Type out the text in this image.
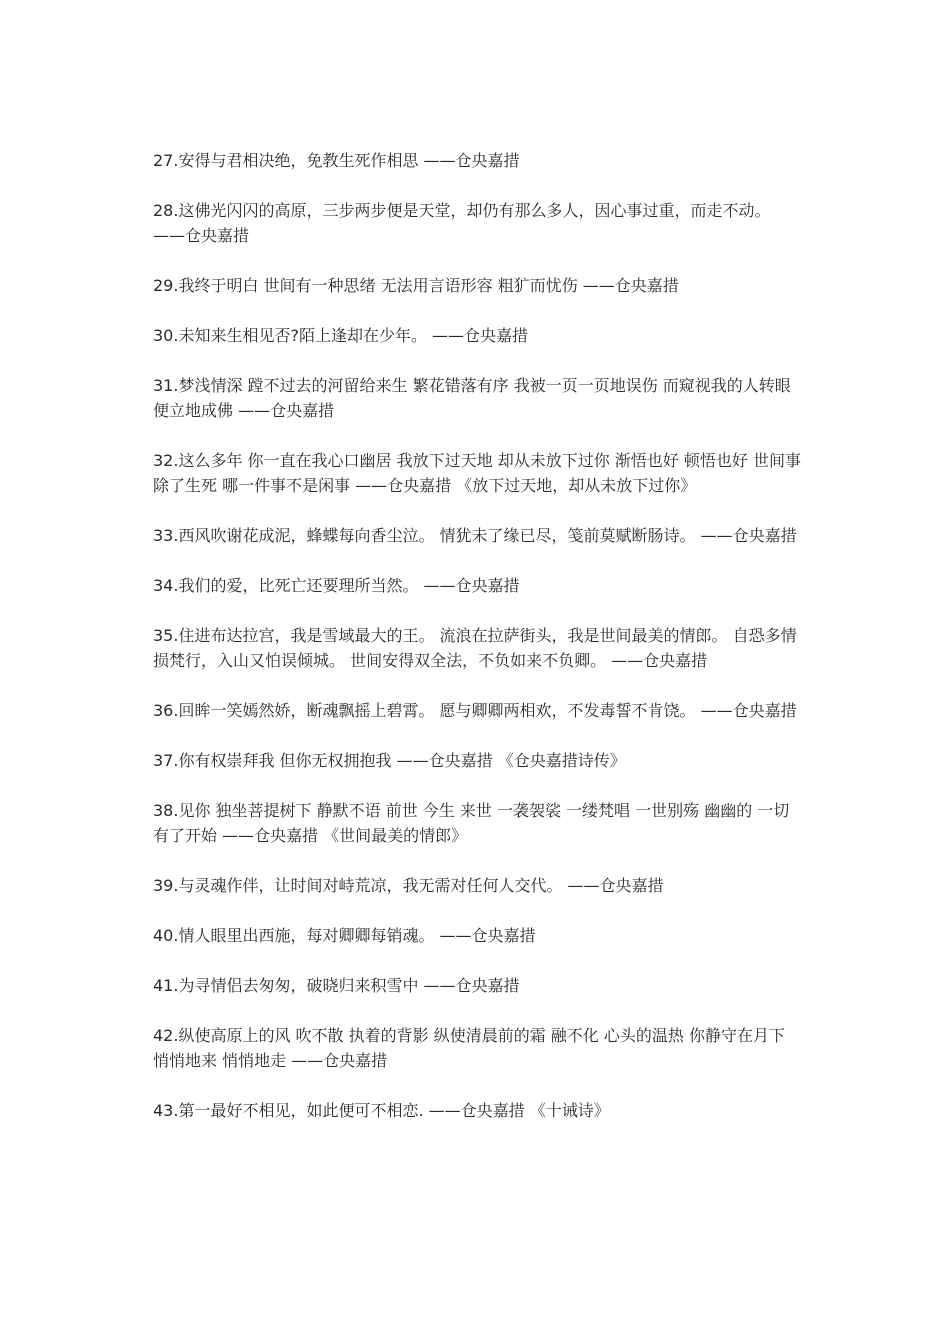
27.安得与君相决绝，免教生死作相思 ——仓央嘉措

28.这佛光闪闪的高原，三步两步便是天堂，却仍有那么多人，因心事过重，而走不动。 ——仓央嘉措

29.我终于明白 世间有一种思绪 无法用言语形容 粗犷而忧伤 ——仓央嘉措

30.未知来生相见否?陌上逢却在少年。 ——仓央嘉措

31.梦浅情深 蹚不过去的河留给来生 繁花错落有序 我被一页一页地误伤 而窥视我的人转眼便立地成佛 ——仓央嘉措

32.这么多年 你一直在我心口幽居 我放下过天地 却从未放下过你 渐悟也好 顿悟也好 世间事除了生死 哪一件事不是闲事 ——仓央嘉措 《放下过天地，却从未放下过你》

33.西风吹谢花成泥，蜂蝶每向香尘泣。 情犹未了缘已尽，笺前莫赋断肠诗。 ——仓央嘉措

34.我们的爱，比死亡还要理所当然。 ——仓央嘉措

35.住进布达拉宫，我是雪域最大的王。 流浪在拉萨街头，我是世间最美的情郎。 自恐多情损梵行，入山又怕误倾城。 世间安得双全法，不负如来不负卿。 ——仓央嘉措

36.回眸一笑嫣然娇，断魂飘摇上碧霄。 愿与卿卿两相欢，不发毒誓不肯饶。 ——仓央嘉措

37.你有权崇拜我 但你无权拥抱我 ——仓央嘉措 《仓央嘉措诗传》

38.见你 独坐菩提树下 静默不语 前世 今生 来世 一袭袈裟 一缕梵唱 一世别殇 幽幽的 一切有了开始 ——仓央嘉措 《世间最美的情郎》

39.与灵魂作伴，让时间对峙荒凉，我无需对任何人交代。 ——仓央嘉措

40.情人眼里出西施，每对卿卿每销魂。 ——仓央嘉措

41.为寻情侣去匆匆，破晓归来积雪中 ——仓央嘉措

42.纵使高原上的风 吹不散 执着的背影 纵使清晨前的霜 融不化 心头的温热 你静守在月下 悄悄地来 悄悄地走 ——仓央嘉措

43.第一最好不相见，如此便可不相恋. ——仓央嘉措 《十诫诗》
